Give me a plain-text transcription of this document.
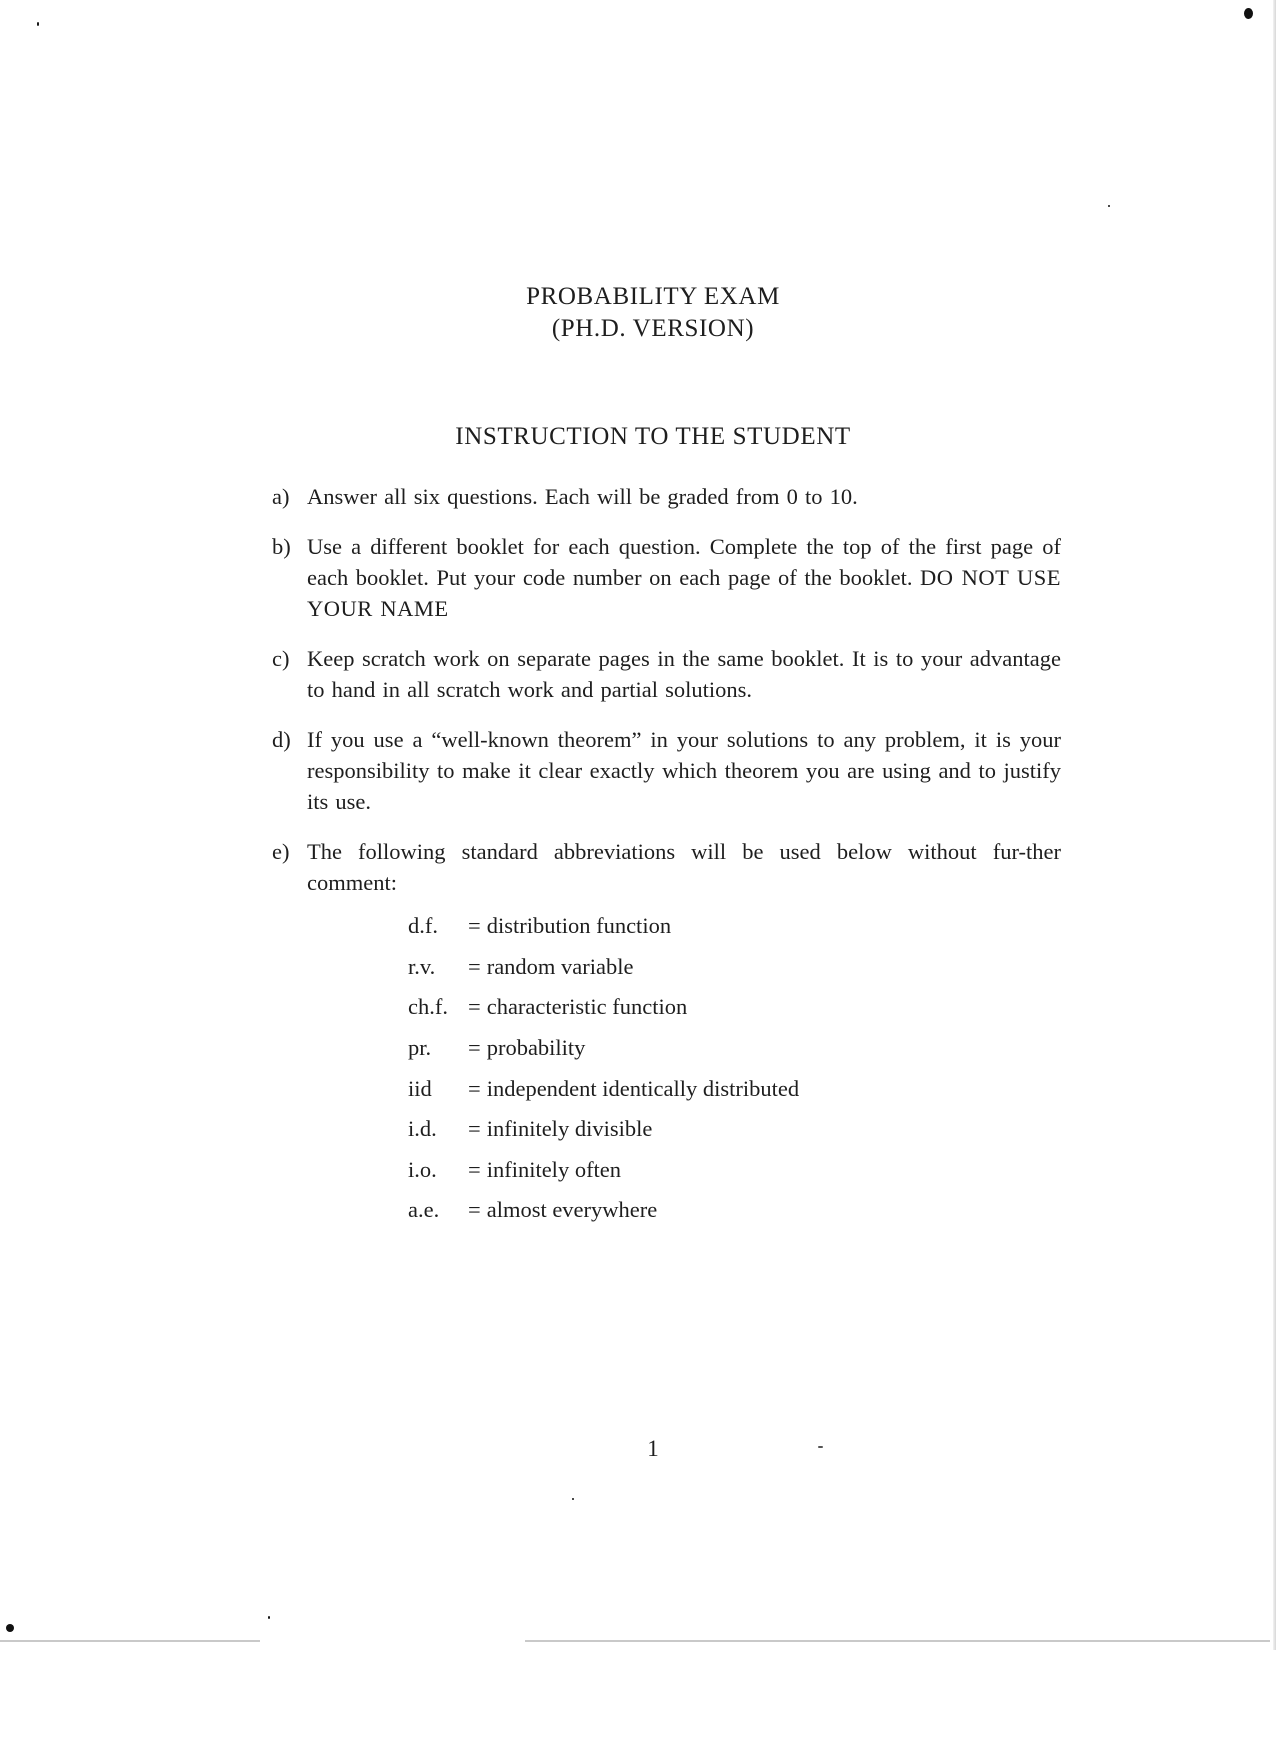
PROBABILITY EXAM
(PH.D. VERSION)
INSTRUCTION TO THE STUDENT
a) Answer all six questions. Each will be graded from 0 to 10.
b) Use a different booklet for each question. Complete the top of the first page of each booklet. Put your code number on each page of the booklet. DO NOT USE YOUR NAME
c) Keep scratch work on separate pages in the same booklet. It is to your advantage to hand in all scratch work and partial solutions.
d) If you use a “well-known theorem” in your solutions to any problem, it is your responsibility to make it clear exactly which theorem you are using and to justify its use.
e) The following standard abbreviations will be used below without fur-ther comment:
d.f.	=	distribution function
r.v.	=	random variable
ch.f.	=	characteristic function
pr.	=	probability
iid	=	independent identically distributed
i.d.	=	infinitely divisible
i.o.	=	infinitely often
a.e.	=	almost everywhere
1
